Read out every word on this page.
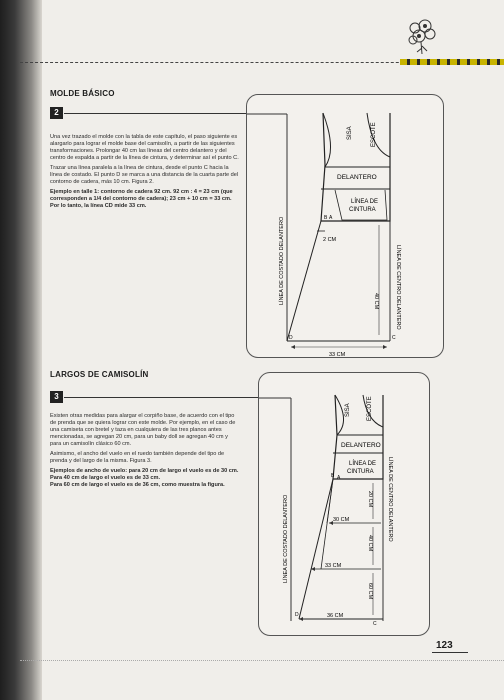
MOLDE BÁSICO
2

Una vez trazado el molde con la tabla de este capítulo, el paso siguiente es alargarlo para lograr el molde base del camisolín, a partir de las siguientes transformaciones. Prolongar 40 cm las líneas del centro delantero y del centro de espalda a partir de la línea de cintura, y determinar así el punto C.

Trazar una línea paralela a la línea de cintura, desde el punto C hacia la línea de costado. El punto D se marca a una distancia de la cuarta parte del contorno de cadera, más 10 cm. Figura 2.

Ejemplo en talle 1: contorno de cadera 92 cm. 92 cm : 4 = 23 cm (que corresponden a 1/4 del contorno de cadera); 23 cm + 10 cm = 33 cm. Por lo tanto, la línea CD mide 33 cm.

SISA	ESCOTE
DELANTERO
LÍNEA DE
CINTURA
A
B
C
D
2 CM
40 CM
33 CM
LÍNEA DE COSTADO DELANTERO	LÍNEA DE CENTRO DELANTERO
LARGOS DE CAMISOLÍN
3

Existen otras medidas para alargar el corpiño base, de acuerdo con el tipo de prenda que se quiera lograr con este molde. Por ejemplo, en el caso de una camiseta con bretel y taza en cualquiera de las tres planos antes mencionadas, se agregan 20 cm, para un baby doll se agregan 40 cm y para un camisolín clásico 60 cm.

Asimismo, el ancho del vuelo en el ruedo también depende del tipo de prenda y del largo de la misma. Figura 3.

Ejemplos de ancho de vuelo: para 20 cm de largo el vuelo es de 30 cm.

Para 40 cm de largo el vuelo es de 33 cm.

Para 60 cm de largo el vuelo es de 36 cm, como muestra la figura.

SISA	ESCOTE
DELANTERO
LÍNEA DE
CINTURA
A
B
C
D
30 CM
33 CM
36 CM
20 CM
40 CM
60 CM
LÍNEA DE COSTADO DELANTERO	LÍNEA DE CENTRO DELANTERO
123
